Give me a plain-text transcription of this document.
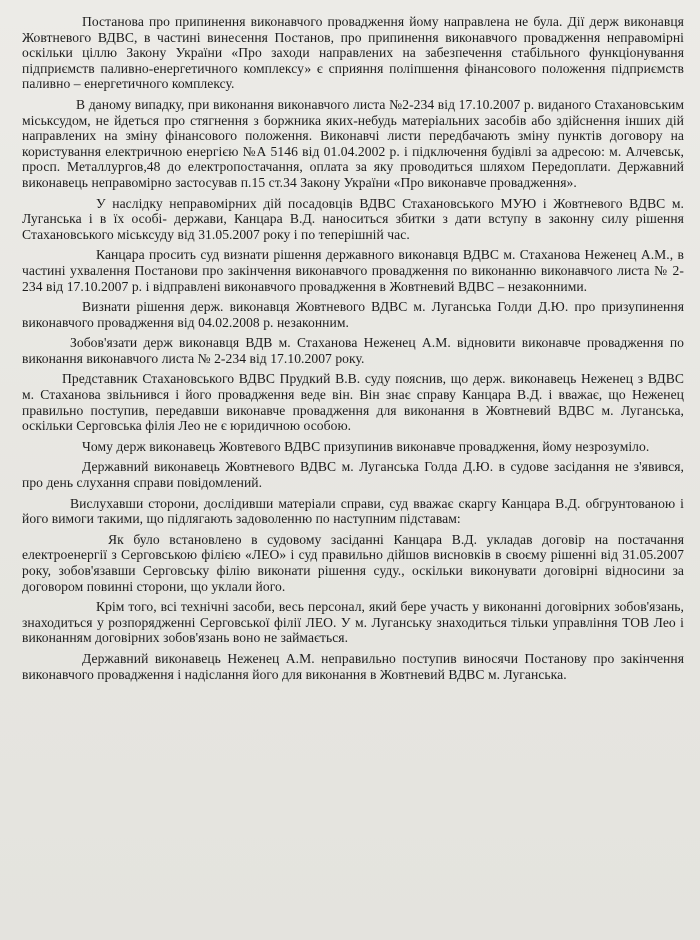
Постанова про припинення виконавчого провадження йому направлена не була. Дії держ виконавця Жовтневого ВДВС, в частині винесення Постанов, про припинення виконавчого провадження неправомірні оскільки ціллю Закону України «Про заходи направлених на забезпечення стабільного функціонування підприємств паливно-енергетичного комплексу» є сприяння поліпшення фінансового положення підприємств паливно – енергетичного комплексу.

В даному випадку, при виконання виконавчого листа №2-234 від 17.10.2007 р. виданого Стахановським міськсудом, не йдеться про стягнення з боржника яких-небудь матеріальних засобів або здійснення інших дій направлених на зміну фінансового положення. Виконавчі листи передбачають зміну пунктів договору на користування електричною енергією №А 5146 від 01.04.2002 р. і підключення будівлі за адресою: м. Алчевськ, просп. Металлургов,48 до електропостачання, оплата за яку проводиться шляхом Передоплати. Державний виконавець неправомірно застосував п.15 ст.34 Закону України «Про виконавче провадження».

У наслідку неправомірних дій посадовців ВДВС Стахановського МУЮ і Жовтневого ВДВС м. Луганська і в їх особі- держави, Канцара В.Д. наноситься збитки з дати вступу в законну силу рішення Стахановського міськсуду від 31.05.2007 року і по теперішній час.

Канцара просить суд визнати рішення державного виконавця ВДВС м. Стаханова Неженец А.М., в частині ухвалення Постанови про закінчення виконавчого провадження по виконанню виконавчого листа № 2-234 від 17.10.2007 р. і відправлені виконавчого провадження в Жовтневий ВДВС – незаконними.

Визнати рішення держ. виконавця Жовтневого ВДВС м. Луганська Голди Д.Ю. про призупинення виконавчого провадження від 04.02.2008 р. незаконним.

Зобов'язати держ виконавця ВДВ м. Стаханова Неженец А.М. відновити виконавче провадження по виконання виконавчого листа № 2-234 від 17.10.2007 року.

Представник Стахановського ВДВС Прудкий В.В. суду пояснив, що держ. виконавець Неженец з ВДВС м. Стаханова звільнився і його провадження веде він. Він знає справу Канцара В.Д. і вважає, що Неженец правильно поступив, передавши виконавче провадження для виконання в Жовтневий ВДВС м. Луганська, оскільки Серговська філія Лео не є юридичною особою.

Чому держ виконавець Жовтевого ВДВС призупинив виконавче провадження, йому незрозуміло.

Державний виконавець Жовтневого ВДВС м. Луганська Голда Д.Ю. в судове засідання не з'явився, про день слухання справи повідомлений.

Вислухавши сторони, дослідивши матеріали справи, суд вважає скаргу Канцара В.Д. обгрунтованою і його вимоги такими, що підлягають задоволенню по наступним підставам:

Як було встановлено в судовому засіданні Канцара В.Д. укладав договір на постачання електроенергії з Серговською філією «ЛЕО» і суд правильно дійшов висновків в своєму рішенні від 31.05.2007 року, зобов'язавши Серговську філію виконати рішення суду., оскільки виконувати договірні відносини за договором повинні сторони, що уклали його.

Крім того, всі технічні засоби, весь персонал, який бере участь у виконанні договірних зобов'язань, знаходиться у розпорядженні Серговської філії ЛЕО. У м. Луганську знаходиться тільки управління ТОВ Лео і виконанням договірних зобов'язань воно не займається.

Державний виконавець Неженец А.М. неправильно поступив виносячи Постанову про закінчення виконавчого провадження і надіслання його для виконання в Жовтневий ВДВС м. Луганська.
